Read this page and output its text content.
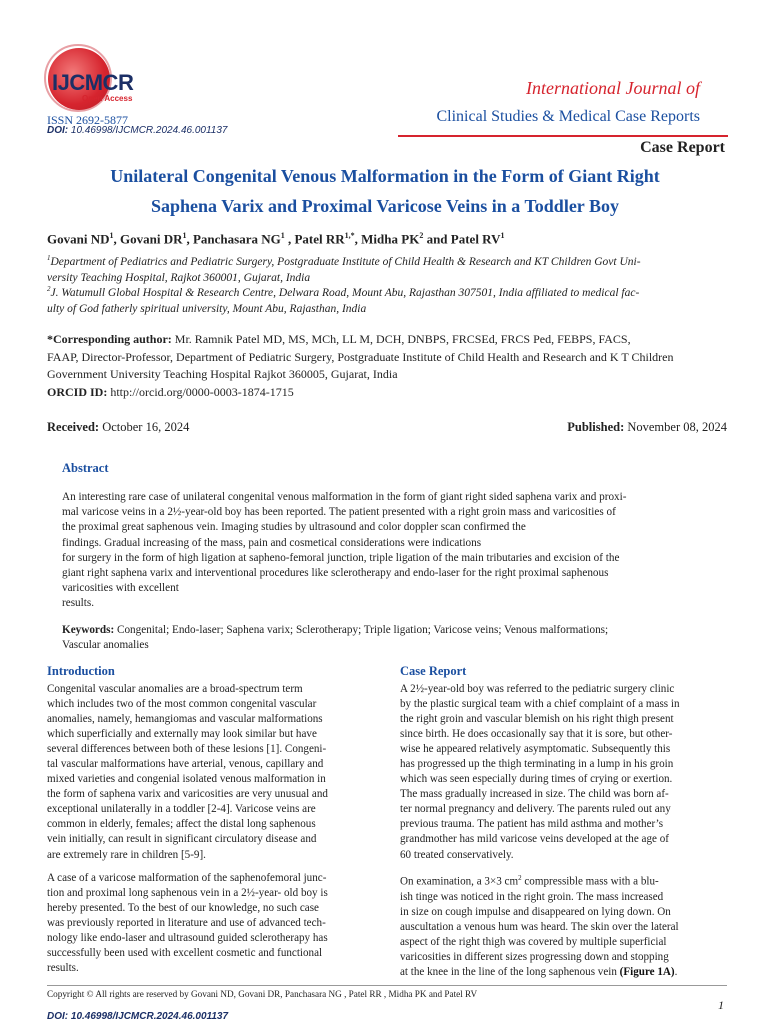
IJCMCR
Open Access
ISSN 2692-5877
DOI: 10.46998/IJCMCR.2024.46.001137
International Journal of
Clinical Studies & Medical Case Reports
Case Report
Unilateral Congenital Venous Malformation in the Form of Giant Right
Saphena Varix and Proximal Varicose Veins in a Toddler Boy
Govani $ND^1$, Govani $DR^1$, Panchasara $NG^1$ , Patel $RR^{1,*}$, Midha $PK^2$ and Patel $RV^1$
$^1$Department of Pediatrics and Pediatric Surgery, Postgraduate Institute of Child Health & Research and KT Children Govt Uni-
versity Teaching Hospital, Rajkot 360001, Gujarat, India
$^2$J. Watumull Global Hospital & Research Centre, Delwara Road, Mount Abu, Rajasthan 307501, India affiliated to medical fac-
ulty of God fatherly spiritual university, Mount Abu, Rajasthan, India
*Corresponding author: Mr. Ramnik Patel MD, MS, MCh, LL M, DCH, DNBPS, FRCSEd, FRCS Ped, FEBPS, FACS,
FAAP, Director-Professor, Department of Pediatric Surgery, Postgraduate Institute of Child Health and Research and K T Children
Government University Teaching Hospital Rajkot 360005, Gujarat, India
ORCID ID: http://orcid.org/0000-0003-1874-1715
Received: October 16, 2024	Published: November 08, 2024
Abstract
An interesting rare case of unilateral congenital venous malformation in the form of giant right sided saphena varix and proxi-
mal varicose veins in a 2½-year-old boy has been reported. The patient presented with a right groin mass and varicosities of
the proximal great saphenous vein. Imaging studies by ultrasound and color doppler scan confirmed the
findings. Gradual increasing of the mass, pain and cosmetical considerations were indications
for surgery in the form of high ligation at sapheno-femoral junction, triple ligation of the main tributaries and excision of the
giant right saphena varix and interventional procedures like sclerotherapy and endo-laser for the right proximal saphenous
varicosities with excellent
results.
Keywords: Congenital; Endo-laser; Saphena varix; Sclerotherapy; Triple ligation; Varicose veins; Venous malformations;
Vascular anomalies
Introduction
Congenital vascular anomalies are a broad-spectrum term
which includes two of the most common congenital vascular
anomalies, namely, hemangiomas and vascular malformations
which superficially and externally may look similar but have
several differences between both of these lesions [1]. Congeni-
tal vascular malformations have arterial, venous, capillary and
mixed varieties and congenial isolated venous malformation in
the form of saphena varix and varicosities are very unusual and
exceptional unilaterally in a toddler [2-4]. Varicose veins are
common in elderly, females; affect the distal long saphenous
vein initially, can result in significant circulatory disease and
are extremely rare in children [5-9].
A case of a varicose malformation of the saphenofemoral junc-
tion and proximal long saphenous vein in a 2½-year- old boy is
hereby presented. To the best of our knowledge, no such case
was previously reported in literature and use of advanced tech-
nology like endo-laser and ultrasound guided sclerotherapy has
successfully been used with excellent cosmetic and functional
results.
Case Report
A 2½-year-old boy was referred to the pediatric surgery clinic
by the plastic surgical team with a chief complaint of a mass in
the right groin and vascular blemish on his right thigh present
since birth. He does occasionally say that it is sore, but other-
wise he appeared relatively asymptomatic. Subsequently this
has progressed up the thigh terminating in a lump in his groin
which was seen especially during times of crying or exertion.
The mass gradually increased in size. The child was born af-
ter normal pregnancy and delivery. The parents ruled out any
previous trauma. The patient has mild asthma and mother’s
grandmother has mild varicose veins developed at the age of
60 treated conservatively.
On examination, a 3×3 $cm^2$ compressible mass with a blu-
ish tinge was noticed in the right groin. The mass increased
in size on cough impulse and disappeared on lying down. On
auscultation a venous hum was heard. The skin over the lateral
aspect of the right thigh was covered by multiple superficial
varicosities in different sizes progressing down and stopping
at the knee in the line of the long saphenous vein (Figure 1A).
Copyright © All rights are reserved by Govani ND, Govani DR, Panchasara NG , Patel RR , Midha PK and Patel RV
1
DOI: 10.46998/IJCMCR.2024.46.001137
